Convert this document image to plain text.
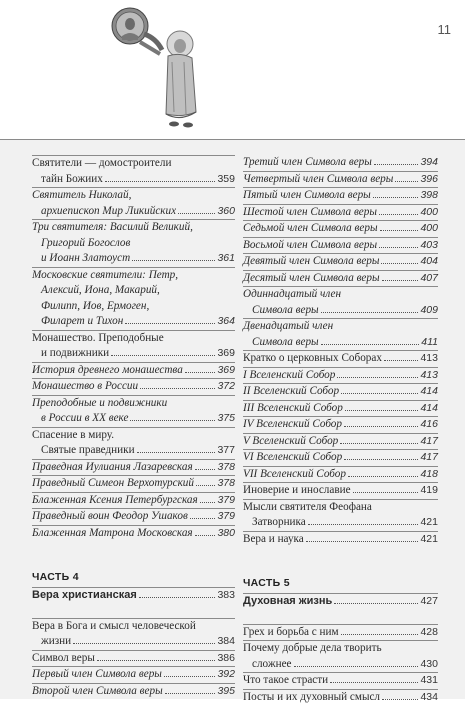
11
Святители — домостроители
тайн Божиих	359
Святитель Николай,
архиепископ Мир Ликийских	360
Три святителя: Василий Великий,
Григорий Богослов
и Иоанн Златоуст	361
Московские святители: Петр,
Алексий, Иона, Макарий,
Филипп, Иов, Ермоген,
Филарет и Тихон	364
Монашество. Преподобные
и подвижники	369
История древнего монашества	369
Монашество в России	372
Преподобные и подвижники
в России в XX веке	375
Спасение в миру.
Святые праведники	377
Праведная Иулиания Лазаревская 378
Праведный Симеон Верхотурский 378
Блаженная Ксения Петербургская 379
Праведный воин Феодор Ушаков	379
Блаженная Матрона Московская 380
ЧАСТЬ 4
Вера христианская	383
Вера в Бога и смысл человеческой
жизни	384
Символ веры	386
Первый член Символа веры	392
Второй член Символа веры	395
Третий член Символа веры	394
Четвертый член Символа веры	396
Пятый член Символа веры	398
Шестой член Символа веры	400
Седьмой член Символа веры	400
Восьмой член Символа веры	403
Девятый член Символа веры	404
Десятый член Символа веры	407
Одиннадцатый член
Символа веры	409
Двенадцатый член
Символа веры	411
Кратко о церковных Соборах	413
I Вселенский Собор	413
II Вселенский Собор	414
III Вселенский Собор	414
IV Вселенский Собор	416
V Вселенский Собор	417
VI Вселенский Собор	417
VII Вселенский Собор	418
Иноверие и инославие	419
Мысли святителя Феофана
Затворника	421
Вера и наука	421
ЧАСТЬ 5
Духовная жизнь	427
Грех и борьба с ним	428
Почему добрые дела творить
сложнее	430
Что такое страсти	431
Посты и их духовный смысл	434
